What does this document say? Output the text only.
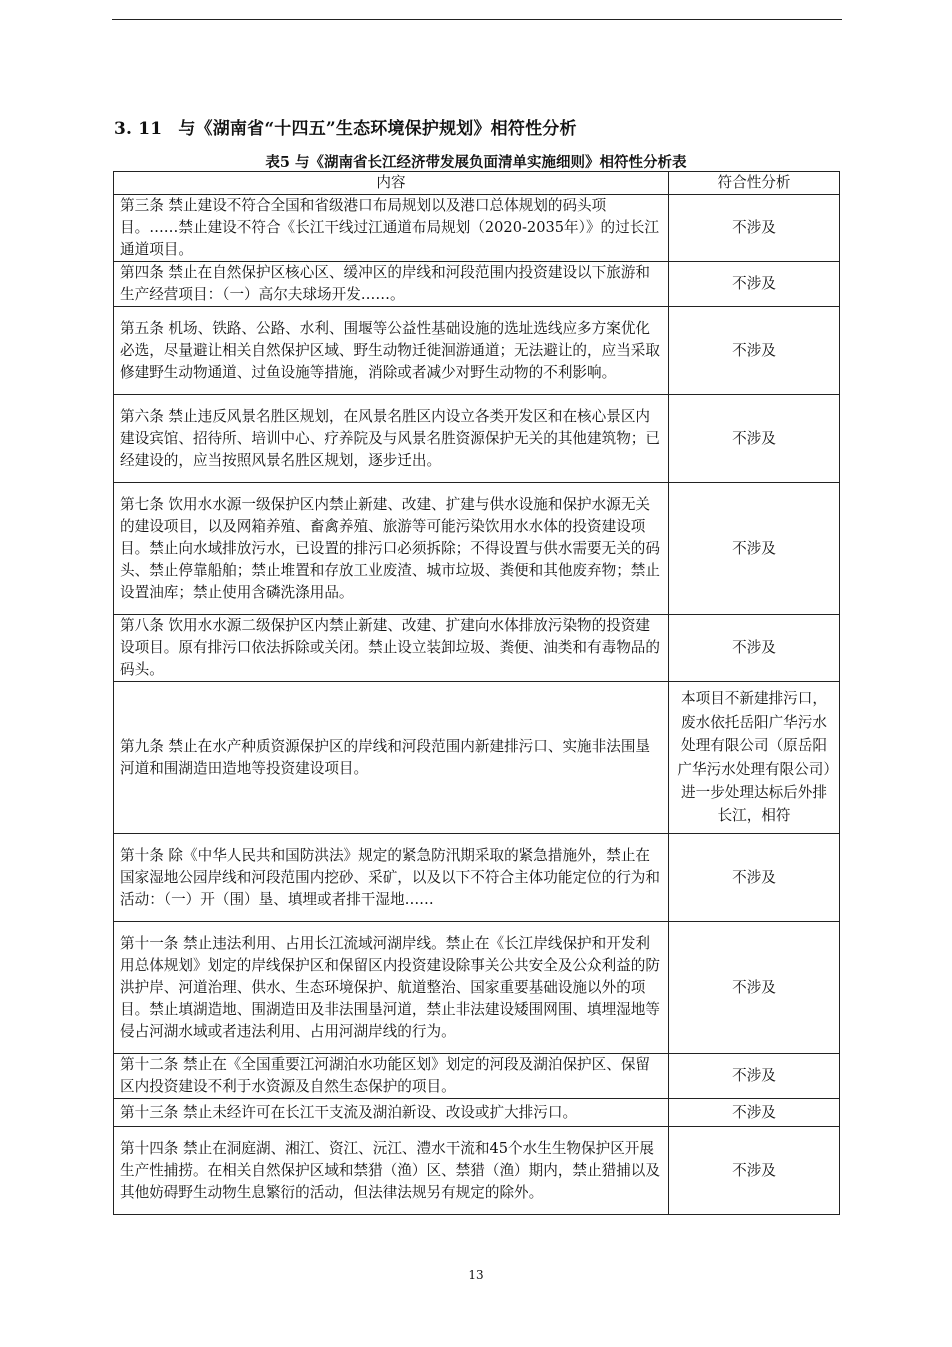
3. 11 与《湖南省“十四五”生态环境保护规划》相符性分析
表5 与《湖南省长江经济带发展负面清单实施细则》相符性分析表
内容	符合性分析
第三条 禁止建设不符合全国和省级港口布局规划以及港口总体规划的码头项目。……禁止建设不符合《长江干线过江通道布局规划（2020-2035年）》的过长江通道项目。	不涉及
第四条 禁止在自然保护区核心区、缓冲区的岸线和河段范围内投资建设以下旅游和生产经营项目：（一）高尔夫球场开发……。	不涉及
第五条 机场、铁路、公路、水利、围堰等公益性基础设施的选址选线应多方案优化必选，尽量避让相关自然保护区域、野生动物迁徙洄游通道；无法避让的，应当采取修建野生动物通道、过鱼设施等措施，消除或者减少对野生动物的不利影响。	不涉及
第六条 禁止违反风景名胜区规划，在风景名胜区内设立各类开发区和在核心景区内建设宾馆、招待所、培训中心、疗养院及与风景名胜资源保护无关的其他建筑物；已经建设的，应当按照风景名胜区规划，逐步迁出。	不涉及
第七条 饮用水水源一级保护区内禁止新建、改建、扩建与供水设施和保护水源无关的建设项目，以及网箱养殖、畜禽养殖、旅游等可能污染饮用水水体的投资建设项目。禁止向水域排放污水，已设置的排污口必须拆除；不得设置与供水需要无关的码头、禁止停靠船舶；禁止堆置和存放工业废渣、城市垃圾、粪便和其他废弃物；禁止设置油库；禁止使用含磷洗涤用品。	不涉及
第八条 饮用水水源二级保护区内禁止新建、改建、扩建向水体排放污染物的投资建设项目。原有排污口依法拆除或关闭。禁止设立装卸垃圾、粪便、油类和有毒物品的码头。	不涉及
第九条 禁止在水产种质资源保护区的岸线和河段范围内新建排污口、实施非法围垦河道和围湖造田造地等投资建设项目。	本项目不新建排污口，废水依托岳阳广华污水处理有限公司（原岳阳广华污水处理有限公司）进一步处理达标后外排长江，相符
第十条 除《中华人民共和国防洪法》规定的紧急防汛期采取的紧急措施外，禁止在国家湿地公园岸线和河段范围内挖砂、采矿，以及以下不符合主体功能定位的行为和活动：（一）开（围）垦、填埋或者排干湿地……	不涉及
第十一条 禁止违法利用、占用长江流域河湖岸线。禁止在《长江岸线保护和开发利用总体规划》划定的岸线保护区和保留区内投资建设除事关公共安全及公众利益的防洪护岸、河道治理、供水、生态环境保护、航道整治、国家重要基础设施以外的项目。禁止填湖造地、围湖造田及非法围垦河道，禁止非法建设矮围网围、填埋湿地等侵占河湖水域或者违法利用、占用河湖岸线的行为。	不涉及
第十二条 禁止在《全国重要江河湖泊水功能区划》划定的河段及湖泊保护区、保留区内投资建设不利于水资源及自然生态保护的项目。	不涉及
第十三条 禁止未经许可在长江干支流及湖泊新设、改设或扩大排污口。	不涉及
第十四条 禁止在洞庭湖、湘江、资江、沅江、澧水干流和45个水生生物保护区开展生产性捕捞。在相关自然保护区域和禁猎（渔）区、禁猎（渔）期内，禁止猎捕以及其他妨碍野生动物生息繁衍的活动，但法律法规另有规定的除外。	不涉及
13
